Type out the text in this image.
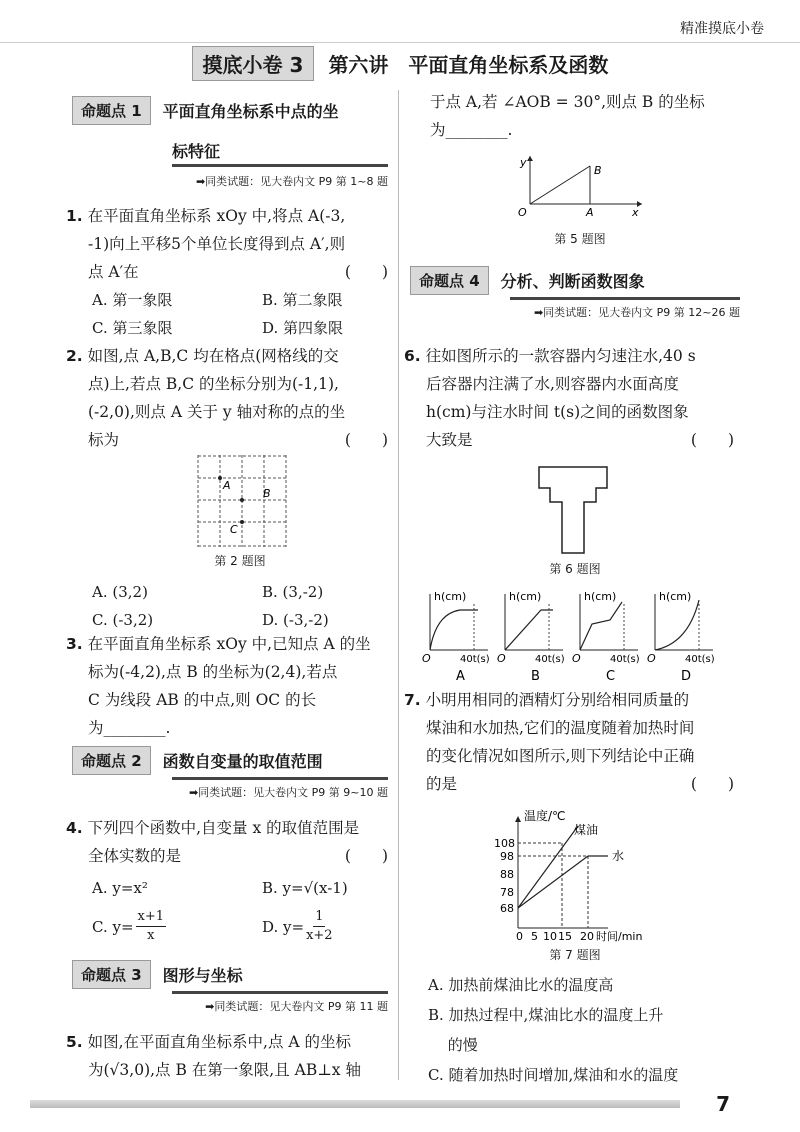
精准摸底小卷
摸底小卷 3 第六讲　平面直角坐标系及函数
命题点 1	平面直角坐标系中点的坐
标特征
➡同类试题：见大卷内文 P9 第 1~8 题
1. 在平面直角坐标系 xOy 中,将点 A(-3,
-1)向上平移5个单位长度得到点 A′,则
点 A′在	(　　)
A. 第一象限	B. 第二象限
C. 第三象限	D. 第四象限
2. 如图,点 A,B,C 均在格点(网格线的交
点)上,若点 B,C 的坐标分别为(-1,1),
(-2,0),则点 A 关于 y 轴对称的点的坐
标为	(　　)
A
B
C
第 2 题图
A. (3,2)	B. (3,-2)
C. (-3,2)	D. (-3,-2)
3. 在平面直角坐标系 xOy 中,已知点 A 的坐
标为(-4,2),点 B 的坐标为(2,4),若点
C 为线段 AB 的中点,则 OC 的长
为________.
命题点 2	函数自变量的取值范围
➡同类试题：见大卷内文 P9 第 9~10 题
4. 下列四个函数中,自变量 x 的取值范围是
全体实数的是	(　　)
A. y=x²	B. y=√(x-1)
C. $y= \frac{x+1}{x}$	D. $y= \frac{1}{x+2}$
命题点 3	图形与坐标
➡同类试题：见大卷内文 P9 第 11 题
5. 如图,在平面直角坐标系中,点 A 的坐标
为(√3,0),点 B 在第一象限,且 AB⊥x 轴
于点 A,若 ∠AOB = 30°,则点 B 的坐标
为________.
y
B
O	A	x
第 5 题图
命题点 4	分析、判断函数图象
➡同类试题：见大卷内文 P9 第 12~26 题
6. 往如图所示的一款容器内匀速注水,40 s
后容器内注满了水,则容器内水面高度
h(cm)与注水时间 t(s)之间的函数图象
大致是	(　　)
第 6 题图
h(cm)
O	40t(s)
A
h(cm)
O	40t(s)
B
h(cm)
O	40t(s)
C
h(cm)
O	40t(s)
D
7. 小明用相同的酒精灯分别给相同质量的
煤油和水加热,它们的温度随着加热时间
的变化情况如图所示,则下列结论中正确
的是	(　　)
温度/℃
煤油
水
108
98
88
78
68
0 5 10 15 20 时间/min
第 7 题图
A. 加热前煤油比水的温度高
B. 加热过程中,煤油比水的温度上升
　 的慢
C. 随着加热时间增加,煤油和水的温度
7
